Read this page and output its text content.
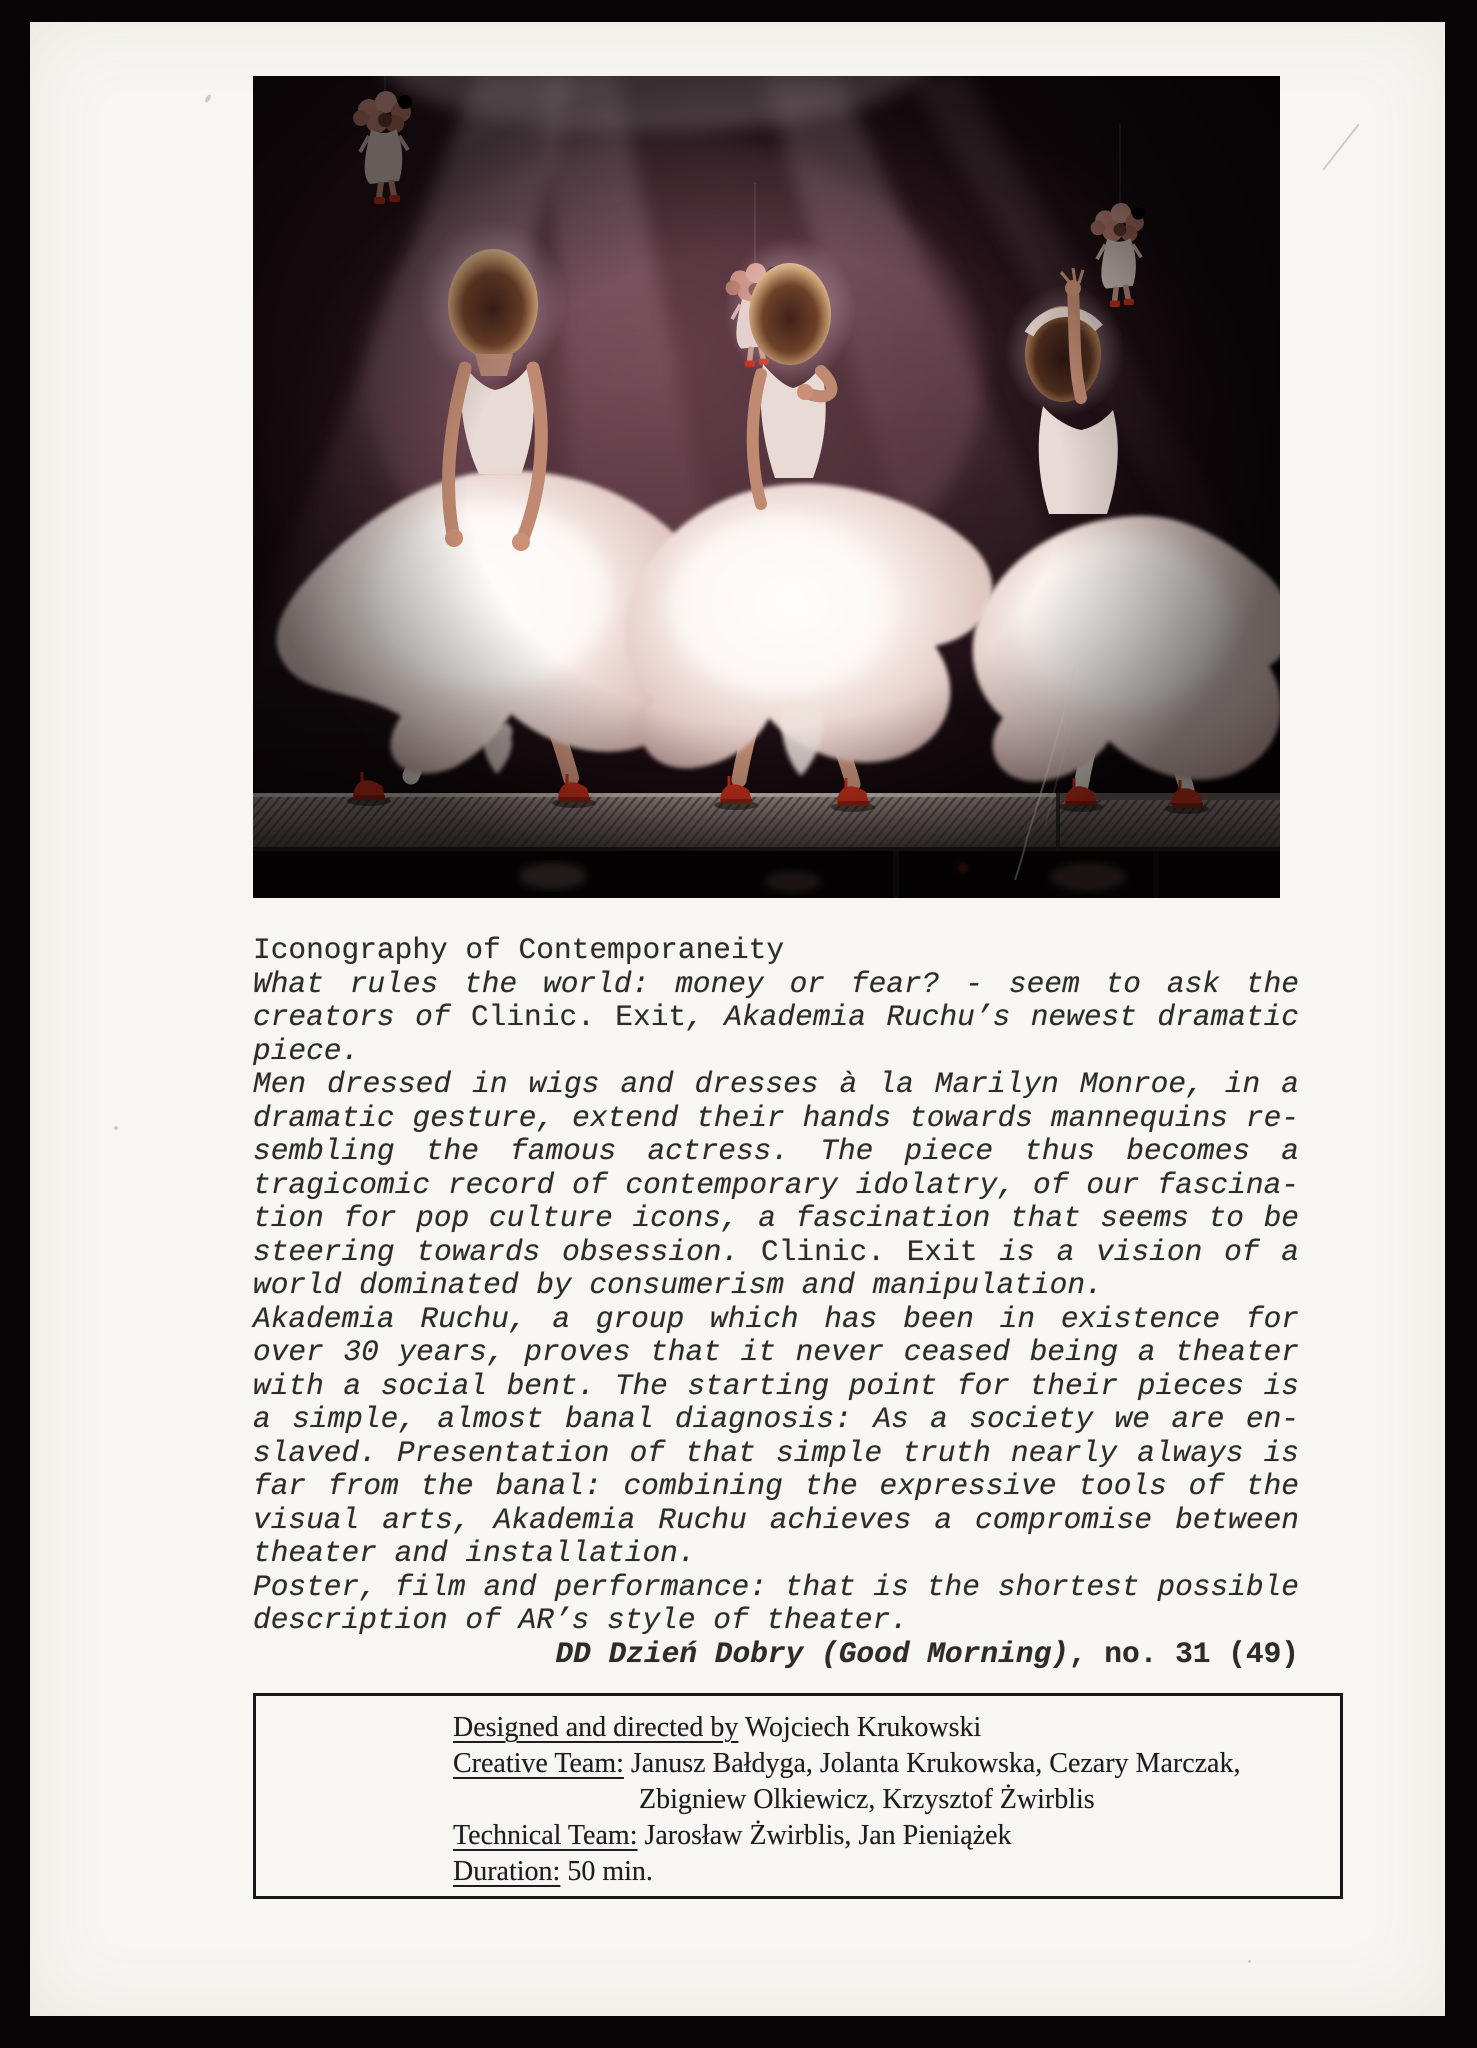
Iconography of Contemporaneity
What rules the world: money or fear? - seem to ask the
creators of Clinic. Exit, Akademia Ruchu’s newest dramatic
piece.
Men dressed in wigs and dresses à la Marilyn Monroe, in a
dramatic gesture, extend their hands towards mannequins re-
sembling the famous actress. The piece thus becomes a
tragicomic record of contemporary idolatry, of our fascina-
tion for pop culture icons, a fascination that seems to be
steering towards obsession. Clinic. Exit is a vision of a
world dominated by consumerism and manipulation.
Akademia Ruchu, a group which has been in existence for
over 30 years, proves that it never ceased being a theater
with a social bent. The starting point for their pieces is
a simple, almost banal diagnosis: As a society we are en-
slaved. Presentation of that simple truth nearly always is
far from the banal: combining the expressive tools of the
visual arts, Akademia Ruchu achieves a compromise between
theater and installation.
Poster, film and performance: that is the shortest possible
description of AR’s style of theater.
DD Dzień Dobry (Good Morning), no. 31 (49)
Designed and directed by Wojciech Krukowski
Creative Team: Janusz Bałdyga, Jolanta Krukowska, Cezary Marczak,
Zbigniew Olkiewicz, Krzysztof Żwirblis
Technical Team: Jarosław Żwirblis, Jan Pieniążek
Duration: 50 min.
